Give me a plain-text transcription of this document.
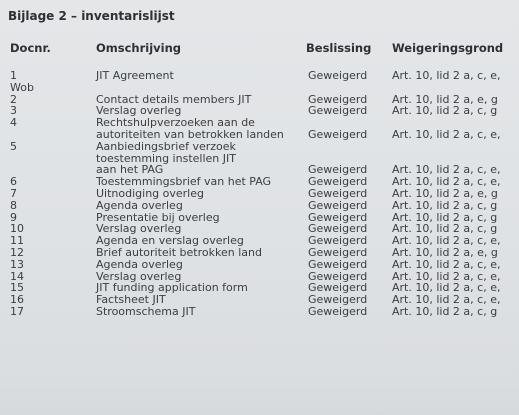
Bijlage 2 – inventarislijst
Docnr.	Omschrijving	Beslissing Weigeringsgrond
1	JIT Agreement	Geweigerd Art. 10, lid 2 a, c, e,
Wob
2	Contact details members JIT	Geweigerd Art. 10, lid 2 a, e, g
3	Verslag overleg	Geweigerd Art. 10, lid 2 a, c, g
4	Rechtshulpverzoeken aan de
autoriteiten van betrokken landen Geweigerd Art. 10, lid 2 a, c, e,
5	Aanbiedingsbrief verzoek
toestemming instellen JIT
aan het PAG	Geweigerd Art. 10, lid 2 a, c, e,
6	Toestemmingsbrief van het PAG	Geweigerd Art. 10, lid 2 a, c, e,
7	Uitnodiging overleg	Geweigerd Art. 10, lid 2 a, e, g
8	Agenda overleg	Geweigerd Art. 10, lid 2 a, c, g
9	Presentatie bij overleg	Geweigerd Art. 10, lid 2 a, c, g
10	Verslag overleg	Geweigerd Art. 10, lid 2 a, c, g
11	Agenda en verslag overleg	Geweigerd Art. 10, lid 2 a, c, e,
12	Brief autoriteit betrokken land	Geweigerd Art. 10, lid 2 a, e, g
13	Agenda overleg	Geweigerd Art. 10, lid 2 a, c, e,
14	Verslag overleg	Geweigerd Art. 10, lid 2 a, c, e,
15	JIT funding application form	Geweigerd Art. 10, lid 2 a, c, e,
16	Factsheet JIT	Geweigerd Art. 10, lid 2 a, c, e,
17	Stroomschema JIT	Geweigerd Art. 10, lid 2 a, c, g
